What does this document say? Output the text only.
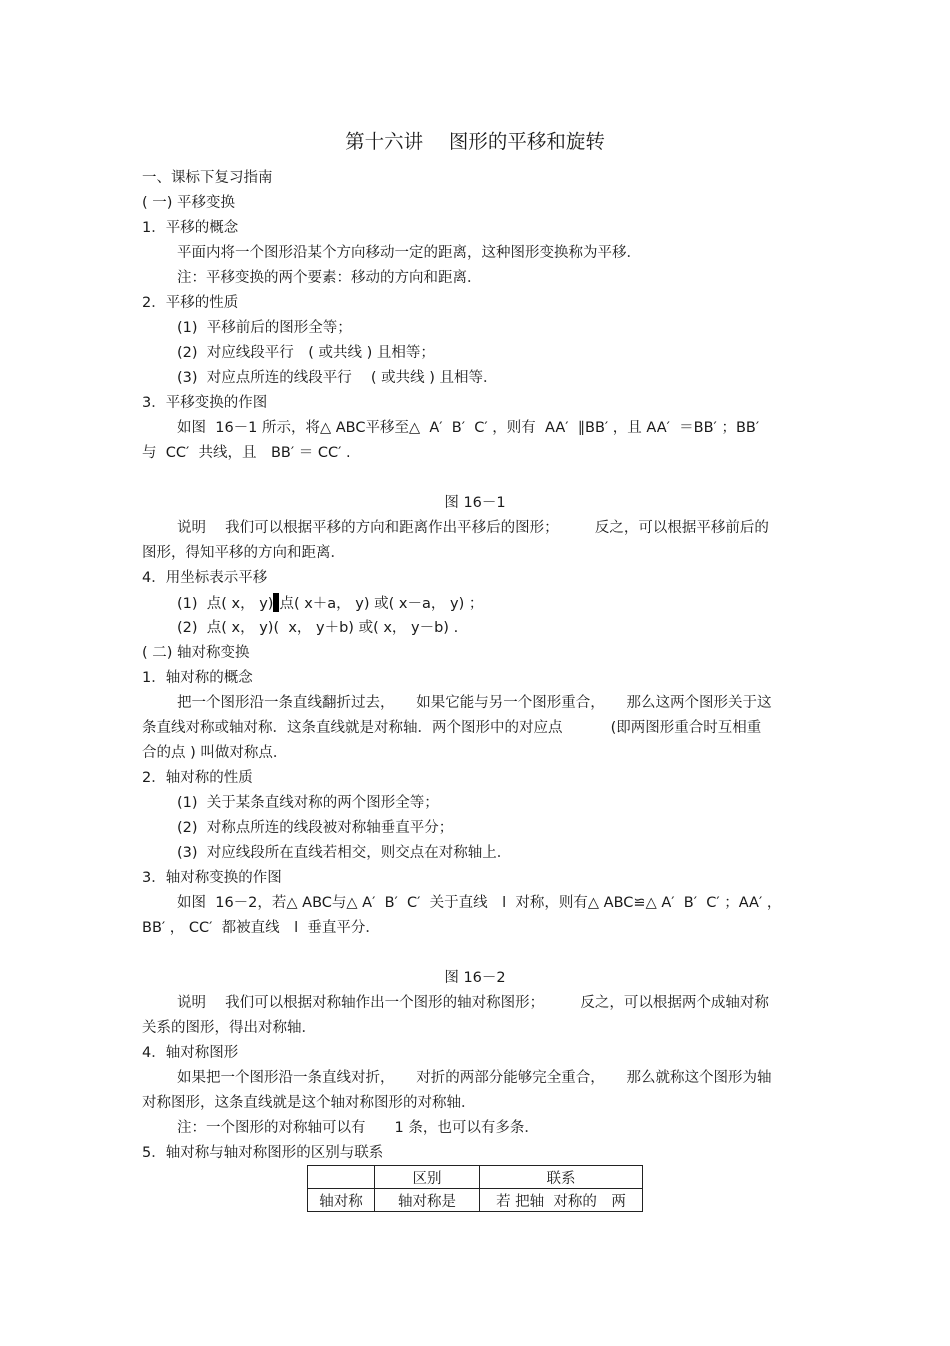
第十六讲　 图形的平移和旋转
一、课标下复习指南
( 一) 平移变换
1．平移的概念
平面内将一个图形沿某个方向移动一定的距离，这种图形变换称为平移．
注：平移变换的两个要素：移动的方向和距离．
2．平移的性质
(1)  平移前后的图形全等；
(2)  对应线段平行　( 或共线 ) 且相等；
(3)  对应点所连的线段平行　 ( 或共线 ) 且相等．
3．平移变换的作图
如图  16－1 所示，将△ ABC平移至△  A′  B′  C′ ，则有  AA′  ∥BB′ ，且 AA′  ＝BB′ ；BB′
与  CC′  共线，且　BB′ ＝ CC′ .
图 16－1
说明　 我们可以根据平移的方向和距离作出平移后的图形；　　　反之，可以根据平移前后的
图形，得知平移的方向和距离．
4．用坐标表示平移
(1)  点( x， y) 点( x＋a， y) 或( x－a， y) ；
(2)  点( x， y)(  x， y＋b) 或( x， y－b) .
( 二) 轴对称变换
1．轴对称的概念
把一个图形沿一条直线翻折过去，　　如果它能与另一个图形重合，　　那么这两个图形关于这
条直线对称或轴对称．这条直线就是对称轴．两个图形中的对应点　　　 (即两图形重合时互相重
合的点 ) 叫做对称点．
2．轴对称的性质
(1)  关于某条直线对称的两个图形全等；
(2)  对称点所连的线段被对称轴垂直平分；
(3)  对应线段所在直线若相交，则交点在对称轴上．
3．轴对称变换的作图
如图  16－2，若△ ABC与△ A′  B′  C′  关于直线　l  对称，则有△ ABC≌△ A′  B′  C′ ；AA′ ，
BB′ ， CC′  都被直线　l  垂直平分．
图 16－2
说明　 我们可以根据对称轴作出一个图形的轴对称图形；　　　反之，可以根据两个成轴对称
关系的图形，得出对称轴．
4．轴对称图形
如果把一个图形沿一条直线对折，　　对折的两部分能够完全重合，　　那么就称这个图形为轴
对称图形，这条直线就是这个轴对称图形的对称轴．
注：一个图形的对称轴可以有　　1 条，也可以有多条．
5．轴对称与轴对称图形的区别与联系
	区别	联系
轴对称	轴对称是	若 把轴  对称的　两
